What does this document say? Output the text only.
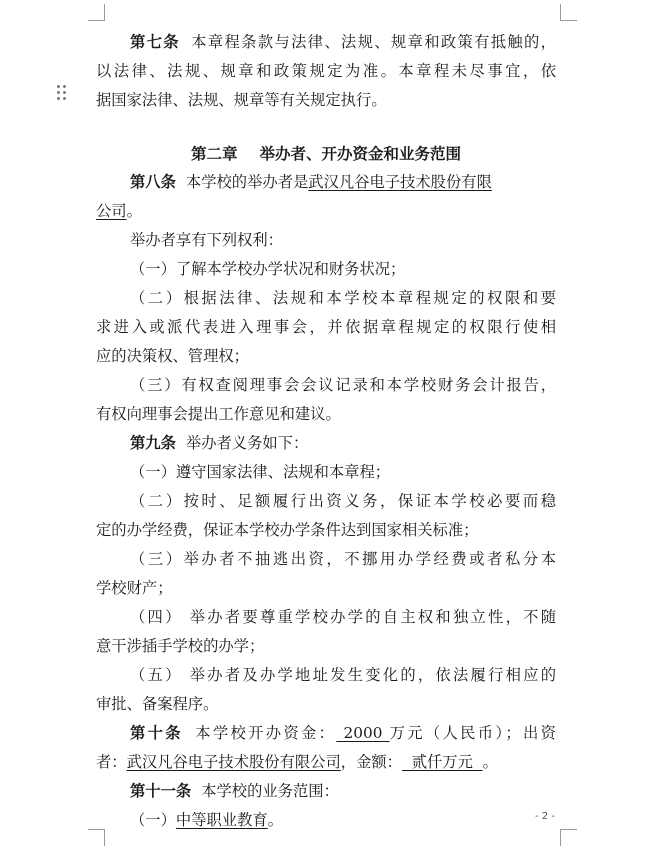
第七条 本章程条款与法律、法规、规章和政策有抵触的，
以法律、法规、规章和政策规定为准。本章程未尽事宜，依
据国家法律、法规、规章等有关规定执行。
第二章 举办者、开办资金和业务范围
第八条 本学校的举办者是武汉凡谷电子技术股份有限
公司。
举办者享有下列权利：
（一）了解本学校办学状况和财务状况；
（二）根据法律、法规和本学校本章程规定的权限和要
求进入或派代表进入理事会，并依据章程规定的权限行使相
应的决策权、管理权；
（三）有权查阅理事会会议记录和本学校财务会计报告，
有权向理事会提出工作意见和建议。
第九条 举办者义务如下：
（一）遵守国家法律、法规和本章程；
（二）按时、足额履行出资义务，保证本学校必要而稳
定的办学经费，保证本学校办学条件达到国家相关标准；
（三）举办者不抽逃出资，不挪用办学经费或者私分本
学校财产；
（四） 举办者要尊重学校办学的自主权和独立性，不随
意干涉插手学校的办学；
（五） 举办者及办学地址发生变化的，依法履行相应的
审批、备案程序。
第十条 本学校开办资金： 2000 万元（人民币）；出资
者：武汉凡谷电子技术股份有限公司，金额：  贰仟万元  。
第十一条 本学校的业务范围：
（一）中等职业教育。	- 2 -
